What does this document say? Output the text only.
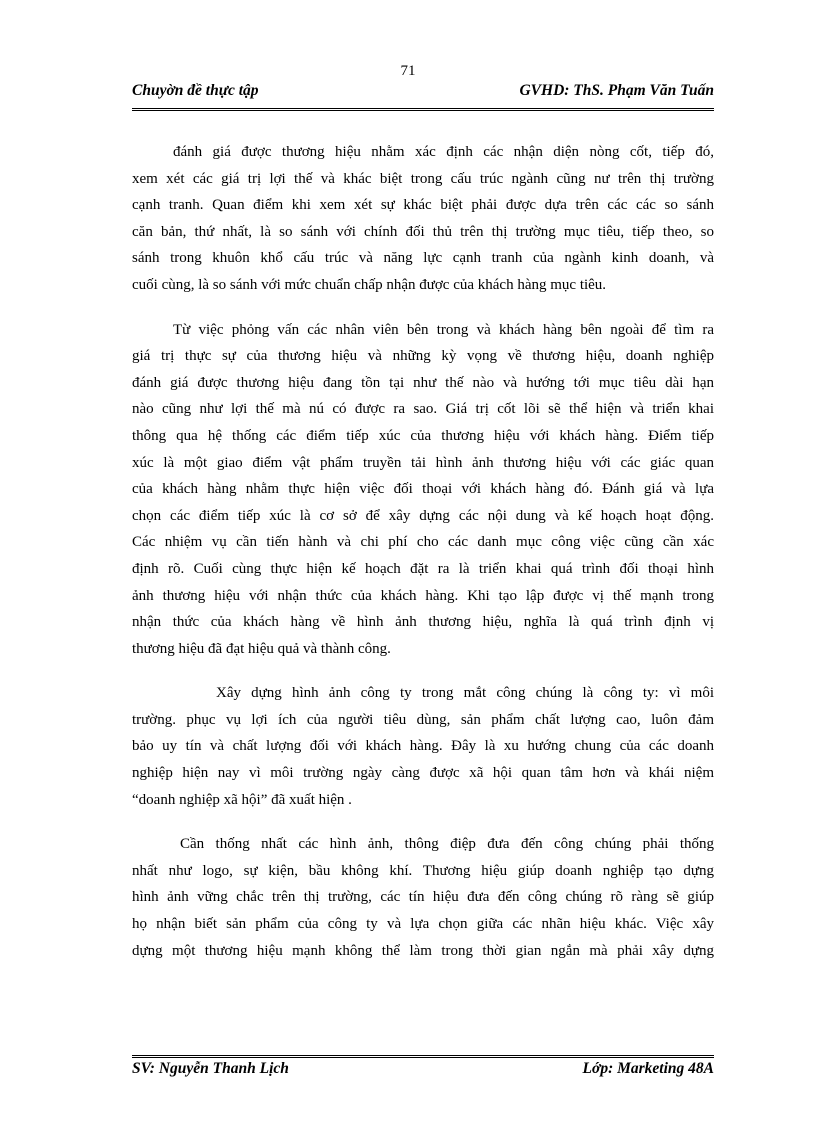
71
Chuyờn đề thực tập	GVHD: ThS. Phạm Văn Tuấn

đánh giá được thương hiệu nhằm xác định các nhận diện nòng cốt, tiếp đó,
xem xét các giá trị lợi thế và khác biệt trong cấu trúc ngành cũng nư trên thị trường
cạnh tranh. Quan điểm khi xem xét sự khác biệt phải được dựa trên các các so sánh
căn bản, thứ nhất, là so sánh với chính đối thủ trên thị trường mục tiêu, tiếp theo, so
sánh trong khuôn khổ cấu trúc và năng lực cạnh tranh của ngành kinh doanh, và
cuối cùng, là so sánh với mức chuẩn chấp nhận được của khách hàng mục tiêu.

Từ việc phỏng vấn các nhân viên bên trong và khách hàng bên ngoài để tìm ra
giá trị thực sự của thương hiệu và những kỳ vọng về thương hiệu, doanh nghiệp
đánh giá được thương hiệu đang tồn tại như thế nào và hướng tới mục tiêu dài hạn
nào cũng như lợi thế mà nú có được ra sao. Giá trị cốt lõi sẽ thể hiện và triển khai
thông qua hệ thống các điểm tiếp xúc của thương hiệu với khách hàng. Điểm tiếp
xúc là một giao điểm vật phẩm truyền tải hình ảnh thương hiệu với các giác quan
của khách hàng nhằm thực hiện việc đối thoại với khách hàng đó. Đánh giá và lựa
chọn các điểm tiếp xúc là cơ sở để xây dựng các nội dung và kế hoạch hoạt động.
Các nhiệm vụ cần tiến hành và chi phí cho các danh mục công việc cũng cần xác
định rõ. Cuối cùng thực hiện kế hoạch đặt ra là triển khai quá trình đối thoại hình
ảnh thương hiệu với nhận thức của khách hàng. Khi tạo lập được vị thế mạnh trong
nhận thức của khách hàng về hình ảnh thương hiệu, nghĩa là quá trình định vị
thương hiệu đã đạt hiệu quả và thành công.

Xây dựng hình ảnh công ty trong mắt công chúng là công ty: vì môi
trường. phục vụ lợi ích của người tiêu dùng, sản phẩm chất lượng cao, luôn đảm
bảo uy tín và chất lượng đối với khách hàng. Đây là xu hướng chung của các doanh
nghiệp hiện nay vì môi trường ngày càng được xã hội quan tâm hơn và khái niệm
“doanh nghiệp xã hội” đã xuất hiện .

Cần thống nhất các hình ảnh, thông điệp đưa đến công chúng phải thống
nhất như logo, sự kiện, bầu không khí. Thương hiệu giúp doanh nghiệp tạo dựng
hình ảnh vững chắc trên thị trường, các tín hiệu đưa đến công chúng rõ ràng sẽ giúp
họ nhận biết sản phẩm của công ty và lựa chọn giữa các nhãn hiệu khác. Việc xây
dựng một thương hiệu mạnh không thể làm trong thời gian ngắn mà phải xây dựng

SV: Nguyễn Thanh Lịch	Lớp: Marketing 48A
